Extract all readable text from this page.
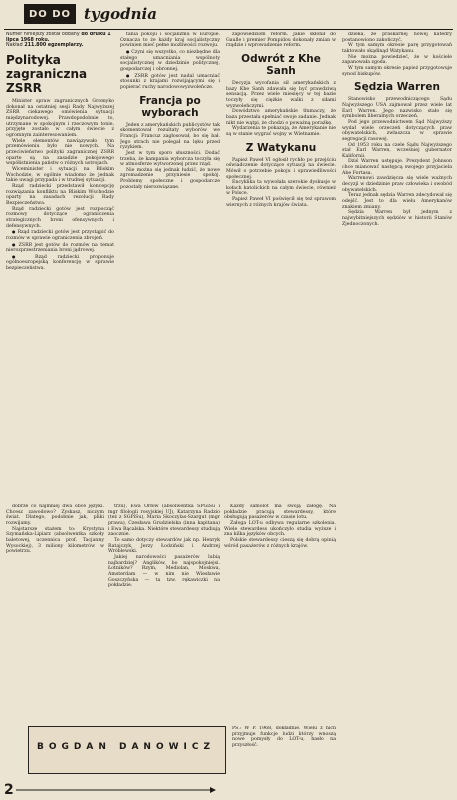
DO DO tygodnia
Numer niniejszy został oddany do druku 1 lipca 1968 roku.
Nakład 211.800 egzemplarzy.
Polityka zagraniczna ZSRR

Minister spraw zagranicznych Gromyko dokonał na ostatniej sesji Rady Najwyższej ZSRR ciekawego omówienia sytuacji międzynarodowej. Prawdopodobnie to, utrzymane w spokojnym i rzeczowym tonie, przyjęte zostało w całym świecie z ogromnym zainteresowaniem.

Wiele elementów nawiązywało tym przemówieniu było nie nowych. Na przeciwieństwo polityki zagranicznej ZSRR oparte są na zasadzie pokojowego współistnienia państw o różnych ustrojach.

Wiceminister i sytuacji na Bliskim Wschodzie, w ogólnie wiadomo że jednak takie uwagi przypada i w trudnej sytuacji.

Rząd radziecki przedstawił koncepcję rozwiązania konfliktu na Bliskim Wschodzie oparty na zasadach rezolucji Rady Bezpieczeństwa.

Rząd radziecki gotów jest rozpocząć rozmowy dotyczące ograniczenia strategicznych broni ofensywnych i defensywnych.

● Rząd radziecki gotów jest przystąpić do rozmów w sprawie ograniczenia zbrojeń.

● ZSRR jest gotów do rozmów na temat nierozprzestrzeniania broni jądrowej.

● Rząd radziecki proponuje ogólnoeuropejską konferencję w sprawie bezpieczeństwa.

tania pokoju i socjalizmu w Europie. Oznacza to że każdy kraj socjalistyczny powinien mieć pełne możliwości rozwoju.

● Czyni się wszystko, co niezbędne dla stałego umacniania wspólnoty socjalistycznej w dziedzinie politycznej, gospodarczej i obronnej.

● ZSRR gotów jest nadal umacniać stosunki z krajami rozwijającymi się i popierać ruchy narodowowyzwoleńcze.

Francja po wyborach

Jeden z amerykańskich publicystów tak skomentował rezultaty wyborów we Francji: Francuz zagłosował, bo się bał. Jego strach nie polegał na lęku przed ryzykiem.

Jest w tym sporo słuszności. Dodać trzeba, że kampania wyborcza toczyła się w atmosferze wytworzonej przez rząd.

Nie można się jednak łudzić, że nowe zgromadzenie przyniesie spokój. Problemy społeczne i gospodarcze pozostały nierozwiązane.

zapowiedziom reform. Jakie skłonił do Gaulle i premier Pompidou dokonały zmian w rządzie i wprowadzenie reform.

Odwrót z Khe Sanh

Decyzja wycofania sił amerykańskich z bazy Khe Sanh zdawała się być prawdziwą sensacją. Przez wiele miesięcy w tej bazie toczyły się ciężkie walki z siłami wyzwoleńczymi.

Dowództwo amerykańskie tłumaczy, że baza przestała spełniać swoje zadanie. Jednak nikt nie wątpi, że chodzi o poważną porażkę.

Wydarzenia te pokazują, że Amerykanie nie są w stanie wygrać wojny w Wietnamie.

Z Watykanu

Papież Paweł VI ogłosił rychło po przejściu oświadczenie dotyczące sytuacji na świecie. Mówił o potrzebie pokoju i sprawiedliwości społecznej.

Encyklika ta wywołała szerokie dyskusje w kołach katolickich na całym świecie, również w Polsce.

Papież Paweł VI poświęcił się też sprawom wiernych z różnych krajów świata.

dzieka, że praskarnej nowej katedry postanowiono zakończyć.

W tym samym okresie parę przygotowań taktowało skądinąd Watykanu.

Nie można powiedzieć, że w kościele zapanowała zgoda.

W tym samym okresie papież przygotowuje synod biskupów.

Sędzia Warren

Stanowisko przewodniczącego Sądu Najwyższego USA zajmował przez wiele lat Earl Warren. Jego nazwisko stało się symbolem liberalnych orzeczeń.

Pod jego przewodnictwem Sąd Najwyższy wydał wiele orzeczeń dotyczących praw obywatelskich, zwłaszcza w sprawie segregacji rasowej.

Od 1953 roku na czele Sądu Najwyższego stał Earl Warren, wcześniej gubernator Kalifornii.

Dziś Warren ustępuje. Prezydent Johnson chce mianować następcą swojego przyjaciela Abe Fortasa.

Warrenowi zawdzięcza się wiele ważnych decyzji w dziedzinie praw człowieka i swobód obywatelskich.

Teraz jednak sędzia Warren zdecydował się odejść. Jest to dla wielu Amerykanów znakiem zmiany.

Sędzia Warren był jednym z najwybitniejszych sędziów w historii Stanów Zjednoczonych.

dobrze co najmniej dwa obce języki. Chcesz zawodowo? Zyskasz, niczym świat. Dlatego, podobnie jak, pliki rozwijamy.

Najstarsze stażem to: Krystyna Szymańska-Lipiarz (absolwentka szkoły baletowej, uczennica prof. Tacjanny Wysockiej), 3 miliony kilometrów w powietrzu.

trzu), Ewa Orłow (absolwentka SPGiSu i mgr filologii rosyjskiej UJ), Katarzyna Radzio (też z SGPiSu), Maria Skoczylas-Szargut (mgr prawa), Czesława Grudzielska (inna kapitana) i Ewa Bącalska. Niektóre stewardessy studiują zaocznie.

To samo dotyczy stewardów jak np. Henryk Ratajczyk, Jerzy Łodziński i Andrzej Wróblewski.

Jakiej narodowości pasażerów lubią najbardziej? Anglików, bo najspokojniejsi. Łotników? Rzym, Mediolan, Moskwa, Amsterdam — w nim nie Wiesławie Goszczyńska — ta tzw. rękawiczki na pokładzie.

Każdy samolot ma swoją załogę. Na pokładzie pracują stewardessy, które obsługują pasażerów w czasie lotu.

Załoga LOT-u odbywa regularne szkolenia. Wiele stewardess ukończyło studia wyższe i zna kilka języków obcych.

Polskie stewardessy cieszą się dobrą opinią wśród pasażerów z różnych krajów.

BOGDAN DANOWICZ
PS.: W P. 1968, dokładnie. Wielu z nich przyjmuje funkcje ludzi którzy wnoszą nowe pomysły do LOT-u, hasło na przyszłość.
2
